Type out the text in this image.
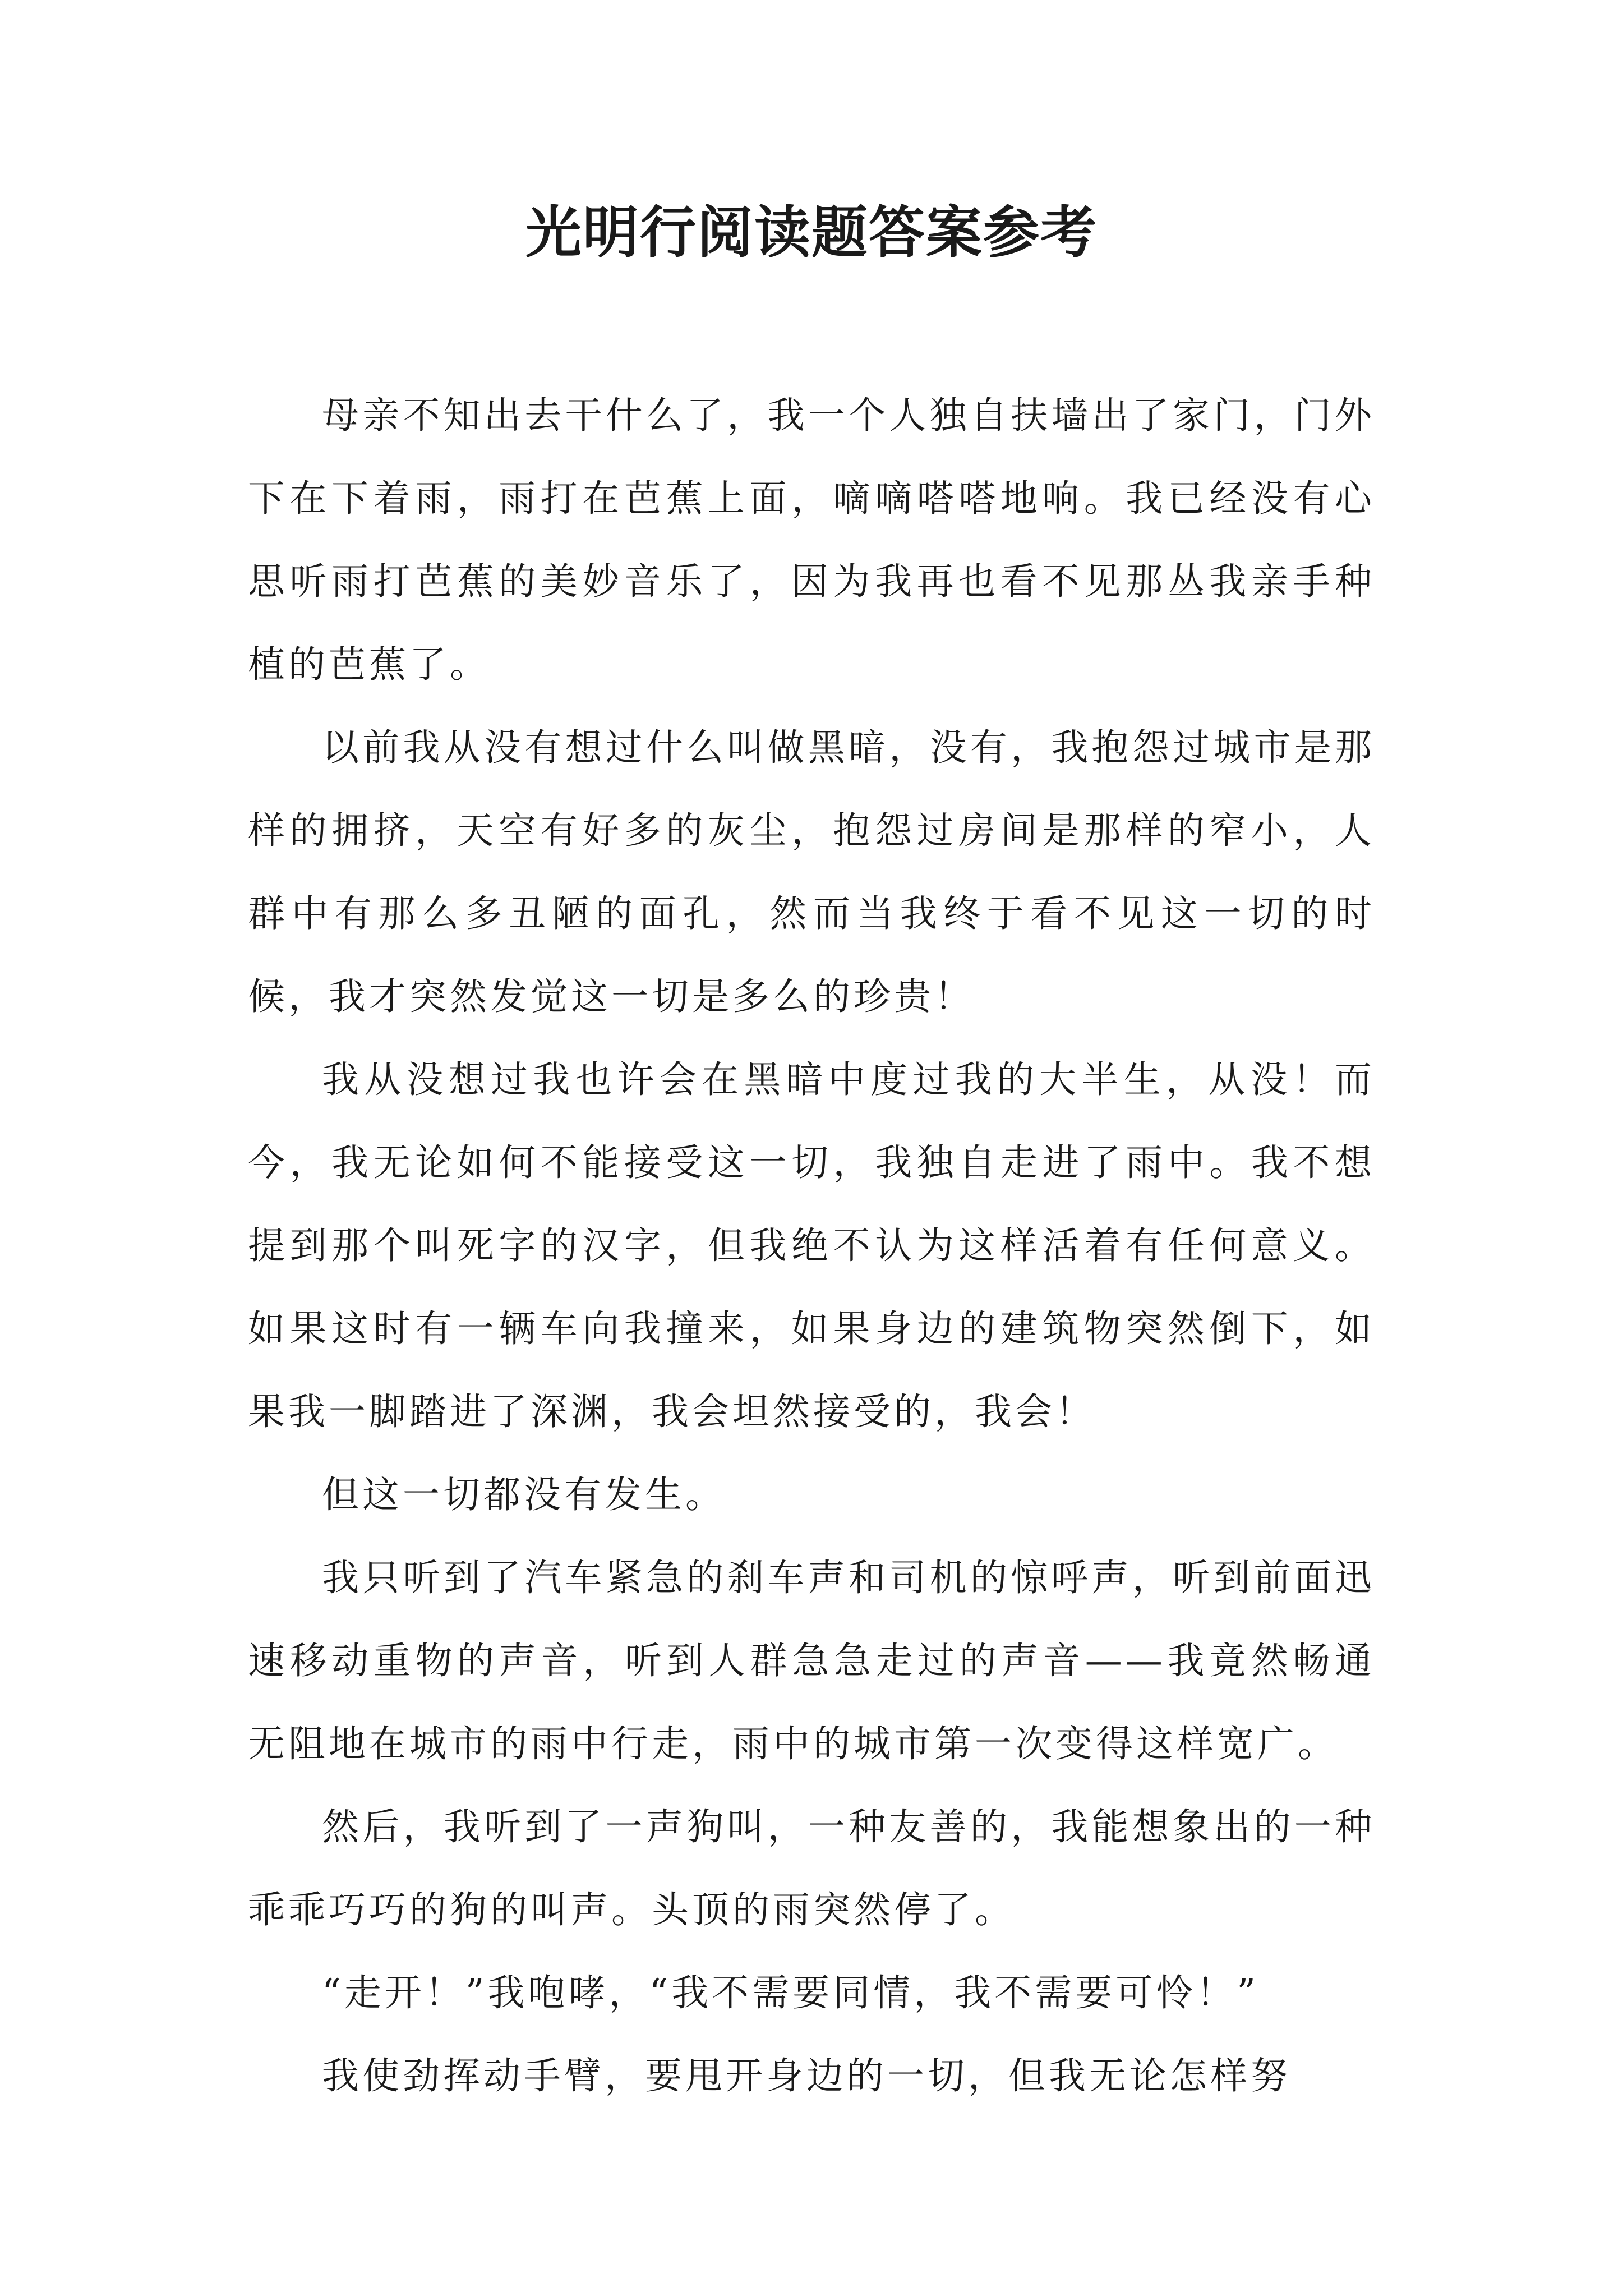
光明行阅读题答案参考

母亲不知出去干什么了，我一个人独自扶墙出了家门，门外下在下着雨，雨打在芭蕉上面，嘀嘀嗒嗒地响。我已经没有心思听雨打芭蕉的美妙音乐了，因为我再也看不见那丛我亲手种植的芭蕉了。

以前我从没有想过什么叫做黑暗，没有，我抱怨过城市是那样的拥挤，天空有好多的灰尘，抱怨过房间是那样的窄小，人群中有那么多丑陋的面孔，然而当我终于看不见这一切的时候，我才突然发觉这一切是多么的珍贵！

我从没想过我也许会在黑暗中度过我的大半生，从没！而今，我无论如何不能接受这一切，我独自走进了雨中。我不想提到那个叫死字的汉字，但我绝不认为这样活着有任何意义。如果这时有一辆车向我撞来，如果身边的建筑物突然倒下，如果我一脚踏进了深渊，我会坦然接受的，我会！

但这一切都没有发生。

我只听到了汽车紧急的刹车声和司机的惊呼声，听到前面迅速移动重物的声音，听到人群急急走过的声音——我竟然畅通无阻地在城市的雨中行走，雨中的城市第一次变得这样宽广。

然后，我听到了一声狗叫，一种友善的，我能想象出的一种乖乖巧巧的狗的叫声。头顶的雨突然停了。

“走开！”我咆哮，“我不需要同情，我不需要可怜！”

我使劲挥动手臂，要甩开身边的一切，但我无论怎样努
